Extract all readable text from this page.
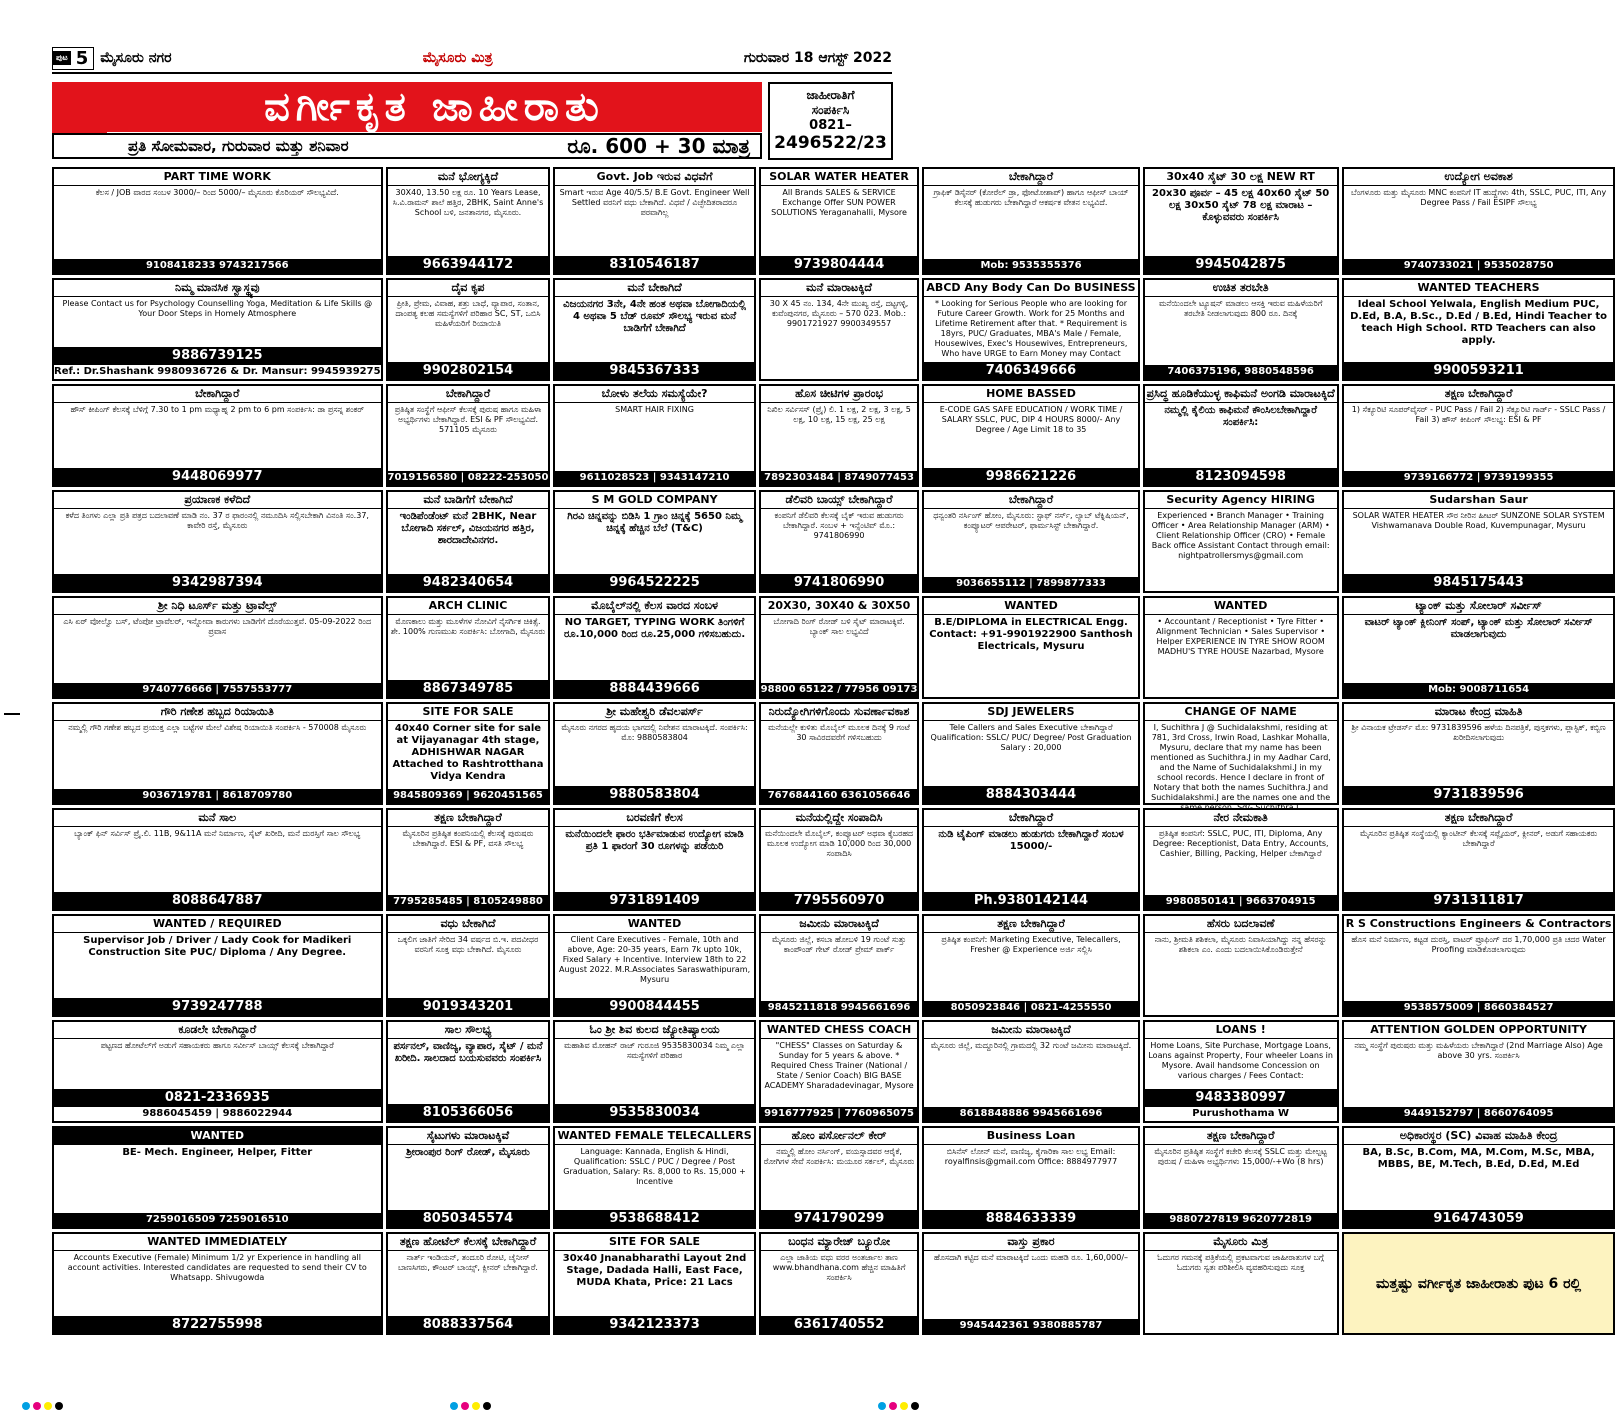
ಪುಟ 5 ಮೈಸೂರು ನಗರ	ಮೈಸೂರು ಮಿತ್ರ	ಗುರುವಾರ 18 ಆಗಸ್ಟ್ 2022
ವರ್ಗೀಕೃತ ಜಾಹೀರಾತು
ಪ್ರತಿ ಸೋಮವಾರ, ಗುರುವಾರ ಮತ್ತು ಶನಿವಾರ	ರೂ. 600 + 30 ಮಾತ್ರ
ಜಾಹೀರಾತಿಗೆ
ಸಂಪರ್ಕಿಸಿ
0821–
2496522/23
PART TIME WORK
ಕೆಲಸ / JOB ವಾರದ ಸಂಬಳ 3000/– ರಿಂದ 5000/– ಮೈಸೂರು ಕೊರಿಯರ್ ಸೌಲಭ್ಯವಿದೆ.
9108418233 9743217566
ನಿಮ್ಮ ಮಾನಸಿಕ ಸ್ವಾಸ್ಥ್ಯವು
Please Contact us for Psychology Counselling Yoga, Meditation & Life Skills @ Your Door Steps in Homely Atmosphere
9886739125
Ref.: Dr.Shashank 9980936726 & Dr. Mansur: 9945939275
ಬೇಕಾಗಿದ್ದಾರೆ
ಹೌಸ್ ಕೀಪಿಂಗ್ ಕೆಲಸಕ್ಕೆ ಬೆಳಿಗ್ಗೆ 7.30 to 1 pm ಮಧ್ಯಾಹ್ನ 2 pm to 6 pm ಸಂಪರ್ಕಿಸಿ: ಡಾ ಪ್ರಸನ್ನ ಶಂಕರ್
9448069977
ಪ್ರಯಾಣಕ ಕಳೆದಿದೆ
ಕಳೆದ ತಿಂಗಳು ಎಲ್ಲಾ ಪ್ರತಿ ಪತ್ರದ ಬದಲಾವಣೆ ಮಾಡಿ ನಂ. 37 ರ ಫಾರಂನಲ್ಲಿ ನಮೂದಿಸಿ ಸಲ್ಲಿಸಬೇಕಾಗಿ ವಿನಂತಿ ಸಂ.37, ಕಾವೇರಿ ರಸ್ತೆ, ಮೈಸೂರು
9342987394
ಶ್ರೀ ನಿಧಿ ಟೂರ್ಸ್ ಮತ್ತು ಟ್ರಾವೆಲ್ಸ್
ಎಸಿ ಏರ್ ವೋಲ್ವೊ ಬಸ್, ಟೆಂಪೋ ಟ್ರಾವೆಲರ್, ಇನ್ನೋವಾ ಕಾರುಗಳು ಬಾಡಿಗೆಗೆ ದೊರೆಯುತ್ತವೆ. 05-09-2022 ರಿಂದ ಪ್ರವಾಸ
9740776666 | 7557553777
ಗೌರಿ ಗಣೇಶ ಹಬ್ಬದ ರಿಯಾಯಿತಿ
ನಮ್ಮಲ್ಲಿ ಗೌರಿ ಗಣೇಶ ಹಬ್ಬದ ಪ್ರಯುಕ್ತ ಎಲ್ಲಾ ಬಟ್ಟೆಗಳ ಮೇಲೆ ವಿಶೇಷ ರಿಯಾಯಿತಿ ಸಂಪರ್ಕಿಸಿ - 570008 ಮೈಸೂರು
9036719781 | 8618709780
ಮನೆ ಸಾಲ
ಬ್ಯಾಂಕ್ ಫಿನ್ ಸರ್ವಿಸ್ ಪ್ರೈ.ಲಿ. 11B, 9&11A ಮನೆ ನಿರ್ಮಾಣ, ಸೈಟ್ ಖರೀದಿ, ಮನೆ ದುರಸ್ತಿಗೆ ಸಾಲ ಸೌಲಭ್ಯ
8088647887
WANTED / REQUIRED
Supervisor Job / Driver / Lady Cook for Madikeri Construction Site PUC/ Diploma / Any Degree.
9739247788
ಕೂಡಲೇ ಬೇಕಾಗಿದ್ದಾರೆ
ಪಟ್ಟಣದ ಹೋಟೆಲ್‌ಗೆ ಅಡುಗೆ ಸಹಾಯಕರು ಹಾಗೂ ಸರ್ವೀಸ್ ಬಾಯ್ಸ್ ಕೆಲಸಕ್ಕೆ ಬೇಕಾಗಿದ್ದಾರೆ
0821-2336935
9886045459 | 9886022944
WANTED
BE- Mech. Engineer, Helper, Fitter
7259016509 7259016510
WANTED IMMEDIATELY
Accounts Executive (Female) Minimum 1/2 yr Experience in handling all account activities. Interested candidates are requested to send their CV to Whatsapp. Shivugowda
8722755998
ಮನೆ ಭೋಗ್ಯಕ್ಕಿದೆ
30X40, 13.50 ಲಕ್ಷ ರೂ. 10 Years Lease, ಸಿ.ವಿ.ರಾಮನ್ ಶಾಲೆ ಹತ್ತಿರ, 2BHK, Saint Anne's School ಬಳಿ, ಜನತಾನಗರ, ಮೈಸೂರು.
9663944172
ದೈವ ಕೃಪ
ಪ್ರೀತಿ, ಪ್ರೇಮ, ವಿವಾಹ, ಶತ್ರು ಬಾಧೆ, ವ್ಯಾಪಾರ, ಸಂತಾನ, ದಾಂಪತ್ಯ ಕಲಹ ಸಮಸ್ಯೆಗಳಿಗೆ ಪರಿಹಾರ SC, ST, ಒಬಿಸಿ ಮಹಿಳೆಯರಿಗೆ ರಿಯಾಯಿತಿ
9902802154
ಬೇಕಾಗಿದ್ದಾರೆ
ಪ್ರತಿಷ್ಠಿತ ಸಂಸ್ಥೆಗೆ ಆಫೀಸ್ ಕೆಲಸಕ್ಕೆ ಪುರುಷ ಹಾಗೂ ಮಹಿಳಾ ಅಭ್ಯರ್ಥಿಗಳು ಬೇಕಾಗಿದ್ದಾರೆ. ESI & PF ಸೌಲಭ್ಯವಿದೆ. 571105 ಮೈಸೂರು
7019156580 | 08222-253050
ಮನೆ ಬಾಡಿಗೆಗೆ ಬೇಕಾಗಿದೆ
ಇಂಡಿಪೆಂಡೆಂಟ್ ಮನೆ 2BHK, Near ಬೋಗಾದಿ ಸರ್ಕಲ್, ವಿಜಯನಗರ ಹತ್ತಿರ, ಶಾರದಾದೇವಿನಗರ.
9482340654
ARCH CLINIC
ಮೊಣಕಾಲು ಮತ್ತು ಮೂಳೆಗಳ ನೋವಿಗೆ ನೈಸರ್ಗಿಕ ಚಿಕಿತ್ಸೆ. ಶೇ. 100% ಗುಣಮುಖ ಸಂಪರ್ಕಿಸಿ: ಬೋಗಾದಿ, ಮೈಸೂರು
8867349785
SITE FOR SALE
40x40 Corner site for sale at Vijayanagar 4th stage, ADHISHWAR NAGAR Attached to Rashtrotthana Vidya Kendra
9845809369 | 9620451565
ತಕ್ಷಣ ಬೇಕಾಗಿದ್ದಾರೆ
ಮೈಸೂರಿನ ಪ್ರತಿಷ್ಠಿತ ಕಂಪನಿಯಲ್ಲಿ ಕೆಲಸಕ್ಕೆ ಪುರುಷರು ಬೇಕಾಗಿದ್ದಾರೆ. ESI & PF, ವಸತಿ ಸೌಲಭ್ಯ
7795285485 | 8105249880
ವಧು ಬೇಕಾಗಿದೆ
ಒಕ್ಕಲಿಗ ಜಾತಿಗೆ ಸೇರಿದ 34 ವರ್ಷದ ಬಿ.ಇ. ಪದವೀಧರ ವರನಿಗೆ ಸೂಕ್ತ ವಧು ಬೇಕಾಗಿದೆ. ಮೈಸೂರು
9019343201
ಸಾಲ ಸೌಲಭ್ಯ
ಪರ್ಸನಲ್, ವಾಣಿಜ್ಯ, ವ್ಯಾಪಾರ, ಸೈಟ್ / ಮನೆ ಖರೀದಿ. ಸಾಲದಾದ ಬಯಸುವವರು ಸಂಪರ್ಕಿಸಿ
8105366056
ಸೈಟುಗಳು ಮಾರಾಟಕ್ಕಿವೆ
ಶ್ರೀರಾಂಪುರ ರಿಂಗ್ ರೋಡ್, ಮೈಸೂರು
8050345574
ತಕ್ಷಣ ಹೋಟೆಲ್ ಕೆಲಸಕ್ಕೆ ಬೇಕಾಗಿದ್ದಾರೆ
ನಾರ್ತ್ ಇಂಡಿಯನ್, ತಂದೂರಿ ರೋಟಿ, ಚೈನೀಸ್ ಬಾಣಸಿಗರು, ಕೌಂಟರ್ ಬಾಯ್ಸ್, ಕ್ಲೀನರ್ ಬೇಕಾಗಿದ್ದಾರೆ.
8088337564
Govt. Job ಇರುವ ವಿಧವೆಗೆ
Smart ಇರುವ Age 40/5.5/ B.E Govt. Engineer Well Settled ವರನಿಗೆ ವಧು ಬೇಕಾಗಿದೆ. ವಿಧವೆ / ವಿಚ್ಛೇದಿತರಾದರೂ ಪರವಾಗಿಲ್ಲ
8310546187
ಮನೆ ಬೇಕಾಗಿದೆ
ವಿಜಯನಗರ 3ನೇ, 4ನೇ ಹಂತ ಅಥವಾ ಬೋಗಾದಿಯಲ್ಲಿ 4 ಅಥವಾ 5 ಬೆಡ್ ರೂಮ್ ಸೌಲಭ್ಯ ಇರುವ ಮನೆ ಬಾಡಿಗೆಗೆ ಬೇಕಾಗಿದೆ
9845367333
ಬೋಳು ತಲೆಯ ಸಮಸ್ಯೆಯೇ?
SMART HAIR FIXING
9611028523 | 9343147210
S M GOLD COMPANY
ಗಿರವಿ ಚಿನ್ನವನ್ನು ಬಿಡಿಸಿ 1 ಗ್ರಾಂ ಚಿನ್ನಕ್ಕೆ 5650 ನಿಮ್ಮ ಚಿನ್ನಕ್ಕೆ ಹೆಚ್ಚಿನ ಬೆಲೆ (T&C)
9964522225
ಮೊಬೈಲ್‌ನಲ್ಲಿ ಕೆಲಸ ವಾರದ ಸಂಬಳ
NO TARGET, TYPING WORK ತಿಂಗಳಿಗೆ ರೂ.10,000 ರಿಂದ ರೂ.25,000 ಗಳಿಸಬಹುದು.
8884439666
ಶ್ರೀ ಮಹೇಶ್ವರಿ ಡೆವಲಪರ್ಸ್
ಮೈಸೂರು ನಗರದ ಹೃದಯ ಭಾಗದಲ್ಲಿ ನಿವೇಶನ ಮಾರಾಟಕ್ಕಿದೆ. ಸಂಪರ್ಕಿಸಿ: ಮೊ: 9880583804
9880583804
ಬರವಣಿಗೆ ಕೆಲಸ
ಮನೆಯಿಂದಲೇ ಫಾರಂ ಭರ್ತಿಮಾಡುವ ಉದ್ಯೋಗ ಮಾಡಿ ಪ್ರತಿ 1 ಫಾರಂಗೆ 30 ರೂಗಳನ್ನು ಪಡೆಯಿರಿ
9731891409
WANTED
Client Care Executives - Female, 10th and above, Age: 20-35 years, Earn 7k upto 10k, Fixed Salary + Incentive. Interview 18th to 22 August 2022. M.R.Associates Saraswathipuram, Mysuru
9900844455
ಓಂ ಶ್ರೀ ಶಿವ ಕುಲದ ಜ್ಯೋತಿಷ್ಯಾಲಯ
ಮಹಾಶಿವ ಮೋಹನ್ ರಾಜ್ ಗುರೂಜಿ 9535830034 ನಿಮ್ಮ ಎಲ್ಲಾ ಸಮಸ್ಯೆಗಳಿಗೆ ಪರಿಹಾರ
9535830034
WANTED FEMALE TELECALLERS
Language: Kannada, English & Hindi, Qualification: SSLC / PUC / Degree / Post Graduation, Salary: Rs. 8,000 to Rs. 15,000 + Incentive
9538688412
SITE FOR SALE
30x40 Jnanabharathi Layout 2nd Stage, Dadada Halli, East Face, MUDA Khata, Price: 21 Lacs
9342123373
SOLAR WATER HEATER
All Brands SALES & SERVICE Exchange Offer SUN POWER SOLUTIONS Yeraganahalli, Mysore
9739804444
ಮನೆ ಮಾರಾಟಕ್ಕಿದೆ
30 X 45 ನಂ. 134, 4ನೇ ಮುಖ್ಯ ರಸ್ತೆ, ದಟ್ಟಗಳ್ಳಿ, ಕುವೆಂಪುನಗರ, ಮೈಸೂರು – 570 023. Mob.: 9901721927 9900349557
ಹೊಸ ಚೀಟಿಗಳ ಪ್ರಾರಂಭ
ನಿಖಿಲ ಸರ್ವಿಸಸ್ (ಪ್ರೈ) ಲಿ. 1 ಲಕ್ಷ, 2 ಲಕ್ಷ, 3 ಲಕ್ಷ, 5 ಲಕ್ಷ, 10 ಲಕ್ಷ, 15 ಲಕ್ಷ, 25 ಲಕ್ಷ
7892303484 | 8749077453
ಡೆಲಿವರಿ ಬಾಯ್ಸ್ ಬೇಕಾಗಿದ್ದಾರೆ
ಕಂಪನಿಗೆ ಡೆಲಿವರಿ ಕೆಲಸಕ್ಕೆ ಬೈಕ್ ಇರುವ ಹುಡುಗರು ಬೇಕಾಗಿದ್ದಾರೆ. ಸಂಬಳ + ಇನ್ಸೆಂಟಿವ್ ಮೊ.: 9741806990
9741806990
20X30, 30X40 & 30X50
ಬೋಗಾದಿ ರಿಂಗ್ ರೋಡ್ ಬಳಿ ಸೈಟ್ ಮಾರಾಟಕ್ಕಿವೆ. ಬ್ಯಾಂಕ್ ಸಾಲ ಲಭ್ಯವಿದೆ
98800 65122 / 77956 09173
ನಿರುದ್ಯೋಗಿಗಳಿಗೊಂದು ಸುವರ್ಣಾವಕಾಶ
ಮನೆಯಲ್ಲೇ ಕುಳಿತು ಮೊಬೈಲ್ ಮೂಲಕ ದಿನಕ್ಕೆ 9 ಗಂಟೆ 30 ಸಾವಿರದವರೆಗೆ ಗಳಿಸಬಹುದು
7676844160 6361056646
ಮನೆಯಲ್ಲಿದ್ದೇ ಸಂಪಾದಿಸಿ
ಮನೆಯಿಂದಲೇ ಮೊಬೈಲ್, ಕಂಪ್ಯೂಟರ್ ಅಥವಾ ಕೈಬರಹದ ಮೂಲಕ ಉದ್ಯೋಗ ಮಾಡಿ 10,000 ರಿಂದ 30,000 ಸಂಪಾದಿಸಿ
7795560970
ಜಮೀನು ಮಾರಾಟಕ್ಕಿದೆ
ಮೈಸೂರು ಜಿಲ್ಲೆ, ಕಸಬಾ ಹೋಬಳಿ 19 ಗುಂಟೆ ಸುತ್ತು ಕಾಂಪೌಂಡ್ ಗೇಟ್ ರೋಡ್ ಪ್ರೇಮ್ ಪಾರ್ಕ್
9845211818 9945661696
WANTED CHESS COACH
"CHESS" Classes on Saturday & Sunday for 5 years & above. * Required Chess Trainer (National / State / Senior Coach) BIG BASE ACADEMY Sharadadevinagar, Mysore
9916777925 | 7760965075
ಹೋಂ ಪರ್ಸೋನಲ್ ಕೇರ್
ನಮ್ಮಲ್ಲಿ ಹೋಂ ನರ್ಸಿಂಗ್, ವಯಸ್ಸಾದವರ ಆರೈಕೆ, ರೋಗಿಗಳ ಸೇವೆ ಸಂಪರ್ಕಿಸಿ: ಮಯೂರ ಸರ್ಕಲ್, ಮೈಸೂರು
9741790299
ಬಂಧನ ಮ್ಯಾರೇಜ್ ಬ್ಯೂರೋ
ಎಲ್ಲಾ ಜಾತಿಯ ವಧು ವರರ ಅಂತರ್ಜಾಲ ತಾಣ www.bhandhana.com ಹೆಚ್ಚಿನ ಮಾಹಿತಿಗೆ ಸಂಪರ್ಕಿಸಿ
6361740552
ಬೇಕಾಗಿದ್ದಾರೆ
ಗ್ರಾಫಿಕ್ ಡಿಸೈನರ್ (ಕೋರೆಲ್ ಡ್ರಾ, ಫೋಟೋಶಾಪ್) ಹಾಗೂ ಆಫೀಸ್ ಬಾಯ್ ಕೆಲಸಕ್ಕೆ ಹುಡುಗರು ಬೇಕಾಗಿದ್ದಾರೆ ಆಕರ್ಷಕ ವೇತನ ಲಭ್ಯವಿದೆ.
Mob: 9535355376
ABCD Any Body Can Do BUSINESS
* Looking for Serious People who are looking for Future Career Growth. Work for 25 Months and Lifetime Retirement after that. * Requirement is 18yrs, PUC/ Graduates, MBA's Male / Female, Housewives, Exec's Housewives, Entrepreneurs, Who have URGE to Earn Money may Contact
7406349666
HOME BASSED
E-CODE GAS SAFE EDUCATION / WORK TIME / SALARY SSLC, PUC, DIP 4 HOURS 8000/- Any Degree / Age Limit 18 to 35
9986621226
ಬೇಕಾಗಿದ್ದಾರೆ
ಧನ್ವಂತರಿ ನರ್ಸಿಂಗ್ ಹೋಂ, ಮೈಸೂರು: ಸ್ಟಾಫ್ ನರ್ಸ್, ಲ್ಯಾಬ್ ಟೆಕ್ನಿಷಿಯನ್, ಕಂಪ್ಯೂಟರ್ ಆಪರೇಟರ್, ಫಾರ್ಮಸಿಸ್ಟ್ ಬೇಕಾಗಿದ್ದಾರೆ.
9036655112 | 7899877333
WANTED
B.E/DIPLOMA in ELECTRICAL Engg. Contact: +91-9901922900 Santhosh Electricals, Mysuru
SDJ JEWELERS
Tele Callers and Sales Executive ಬೇಕಾಗಿದ್ದಾರೆ Qualification: SSLC/ PUC/ Degree/ Post Graduation Salary : 20,000
8884303444
ಬೇಕಾಗಿದ್ದಾರೆ
ನುಡಿ ಟೈಪಿಂಗ್ ಮಾಡಲು ಹುಡುಗರು ಬೇಕಾಗಿದ್ದಾರೆ ಸಂಬಳ 15000/-
Ph.9380142144
ತಕ್ಷಣ ಬೇಕಾಗಿದ್ದಾರೆ
ಪ್ರತಿಷ್ಠಿತ ಕಂಪನಿಗೆ: Marketing Executive, Telecallers, Fresher @ Experience ಅರ್ಜಿ ಸಲ್ಲಿಸಿ
8050923846 | 0821-4255550
ಜಮೀನು ಮಾರಾಟಕ್ಕಿದೆ
ಮೈಸೂರು ಜಿಲ್ಲೆ, ಮದ್ದೂರಿನಲ್ಲಿ ಗ್ರಾಮದಲ್ಲಿ 32 ಗುಂಟೆ ಜಮೀನು ಮಾರಾಟಕ್ಕಿದೆ.
8618848886 9945661696
Business Loan
ಬಿಸಿನೆಸ್ ಲೋನ್ ಮನೆ, ವಾಣಿಜ್ಯ, ಕೈಗಾರಿಕಾ ಸಾಲ ಲಭ್ಯ Email: royalfinsis@gmail.com Office: 8884977977
8884633339
ವಾಸ್ತು ಪ್ರಕಾರ
ಹೊಸದಾಗಿ ಕಟ್ಟಿದ ಮನೆ ಮಾರಾಟಕ್ಕಿದೆ ಒಂದು ಮಹಡಿ ರೂ. 1,60,000/–
9945442361 9380885787
30x40 ಸೈಟ್ 30 ಲಕ್ಷ NEW RT
20x30 ಪೂರ್ವ – 45 ಲಕ್ಷ 40x60 ಸೈಟ್ 50 ಲಕ್ಷ 30x50 ಸೈಟ್ 78 ಲಕ್ಷ ಮಾರಾಟ – ಕೊಳ್ಳುವವರು ಸಂಪರ್ಕಿಸಿ
9945042875
ಉಚಿತ ತರಬೇತಿ
ಮನೆಯಿಂದಲೇ ಟ್ಯೂಷನ್ ಮಾಡಲು ಆಸಕ್ತಿ ಇರುವ ಮಹಿಳೆಯರಿಗೆ ತರಬೇತಿ ನೀಡಲಾಗುವುದು 800 ರೂ. ದಿನಕ್ಕೆ
7406375196, 9880548596
ಪ್ರಸಿದ್ಧ ಹೂಡಿಕೆಯುಳ್ಳ ಕಾಫಿಮನೆ ಅಂಗಡಿ ಮಾರಾಟಕ್ಕಿದೆ
ನಮ್ಮಲ್ಲಿ ಕೈಲಿಯ ಕಾಫಿಮನೆ ಕೌಂಸಿಲಬೇಕಾಗಿದ್ದಾರೆ ಸಂಪರ್ಕಿಸಿ:
8123094598
Security Agency HIRING
Experienced • Branch Manager • Training Officer • Area Relationship Manager (ARM) • Client Relationship Officer (CRO) • Female Back office Assistant Contact through email: nightpatrollersmys@gmail.com
WANTED
• Accountant / Receptionist • Tyre Fitter • Alignment Technician • Sales Supervisor • Helper EXPERIENCE IN TYRE SHOW ROOM MADHU'S TYRE HOUSE Nazarbad, Mysore
CHANGE OF NAME
I, Suchithra J @ Suchidalakshmi, residing at 781, 3rd Cross, Irwin Road, Lashkar Mohalla, Mysuru, declare that my name has been mentioned as Suchithra.J in my Aadhar Card, and the Name of Suchidalakshmi.J in my school records. Hence I declare in front of Notary that both the names Suchithra.J and Suchidalakshmi.J are the names one and the
ನೇರ ನೇಮಕಾತಿ
ಪ್ರತಿಷ್ಠಿತ ಕಂಪನಿಗೆ: SSLC, PUC, ITI, Diploma, Any Degree: Receptionist, Data Entry, Accounts, Cashier, Billing, Packing, Helper ಬೇಕಾಗಿದ್ದಾರೆ
9980850141 | 9663704915
ಹೆಸರು ಬದಲಾವಣೆ
ನಾನು, ಶ್ರೀಮತಿ ಶಶಿಕಲಾ, ಮೈಸೂರು ನಿವಾಸಿಯಾಗಿದ್ದು ನನ್ನ ಹೆಸರನ್ನು ಶಶಿಕಲಾ ಎಂ. ಎಂದು ಬದಲಾಯಿಸಿಕೊಂಡಿರುತ್ತೇನೆ
LOANS !
Home Loans, Site Purchase, Mortgage Loans, Loans against Property, Four wheeler Loans in Mysore. Avail handsome Concession on various charges / Fees Contact:
9483380997
Purushothama W
ತಕ್ಷಣ ಬೇಕಾಗಿದ್ದಾರೆ
ಮೈಸೂರಿನ ಪ್ರತಿಷ್ಠಿತ ಸಂಸ್ಥೆಗೆ ಕಚೇರಿ ಕೆಲಸಕ್ಕೆ SSLC ಮತ್ತು ಮೇಲ್ಪಟ್ಟ ಪುರುಷ / ಮಹಿಳಾ ಅಭ್ಯರ್ಥಿಗಳು 15,000/-+Wo (8 hrs)
9880727819 9620772819
ಮೈಸೂರು ಮಿತ್ರ
ಓದುಗರ ಗಮನಕ್ಕೆ ಪತ್ರಿಕೆಯಲ್ಲಿ ಪ್ರಕಟವಾಗುವ ಜಾಹೀರಾತುಗಳ ಬಗ್ಗೆ ಓದುಗರು ಸ್ವತಃ ಪರಿಶೀಲಿಸಿ ವ್ಯವಹರಿಸುವುದು ಸೂಕ್ತ
ಉದ್ಯೋಗ ಅವಕಾಶ
ಬೆಂಗಳೂರು ಮತ್ತು ಮೈಸೂರು MNC ಕಂಪನಿಗೆ IT ಹುದ್ದೆಗಳು 4th, SSLC, PUC, ITI, Any Degree Pass / Fail ESIPF ಸೌಲಭ್ಯ
9740733021 | 9535028750
WANTED TEACHERS
Ideal School Yelwala, English Medium PUC, D.Ed, B.A, B.Sc., D.Ed / B.Ed, Hindi Teacher to teach High School. RTD Teachers can also apply.
9900593211
ತಕ್ಷಣ ಬೇಕಾಗಿದ್ದಾರೆ
1) ಸೆಕ್ಯೂರಿಟಿ ಸೂಪರ್‌ವೈಸರ್ - PUC Pass / Fail 2) ಸೆಕ್ಯೂರಿಟಿ ಗಾರ್ಡ್ - SSLC Pass / Fail 3) ಹೌಸ್ ಕೀಪಿಂಗ್ ಸೌಲಭ್ಯ: ESI & PF
9739166772 | 9739199355
Sudarshan Saur
SOLAR WATER HEATER ಸೌರ ನೀರಿನ ಹೀಟರ್ SUNZONE SOLAR SYSTEM Vishwamanava Double Road, Kuvempunagar, Mysuru
9845175443
ಟ್ಯಾಂಕ್ ಮತ್ತು ಸೋಲಾರ್ ಸರ್ವೀಸ್
ವಾಟರ್ ಟ್ಯಾಂಕ್ ಕ್ಲೀನಿಂಗ್ ಸಂಪ್, ಟ್ಯಾಂಕ್ ಮತ್ತು ಸೋಲಾರ್ ಸರ್ವೀಸ್ ಮಾಡಲಾಗುವುದು
Mob: 9008711654
ಮಾರಾಟ ಕೇಂದ್ರ ಮಾಹಿತಿ
ಶ್ರೀ ವಿನಾಯಕ ಟ್ರೇಡರ್ಸ್ ಮೊ: 9731839596 ಹಳೆಯ ದಿನಪತ್ರಿಕೆ, ಪುಸ್ತಕಗಳು, ಪ್ಲಾಸ್ಟಿಕ್, ಕಬ್ಬಿಣ ಖರೀದಿಸಲಾಗುವುದು
9731839596
ತಕ್ಷಣ ಬೇಕಾಗಿದ್ದಾರೆ
ಮೈಸೂರಿನ ಪ್ರತಿಷ್ಠಿತ ಸಂಸ್ಥೆಯಲ್ಲಿ ಕ್ಯಾಂಟೀನ್ ಕೆಲಸಕ್ಕೆ ಸಪ್ಲೈಯರ್, ಕ್ಲೀನರ್, ಅಡುಗೆ ಸಹಾಯಕರು ಬೇಕಾಗಿದ್ದಾರೆ
9731311817
R S Constructions Engineers & Contractors
ಹೊಸ ಮನೆ ನಿರ್ಮಾಣ, ಕಟ್ಟಡ ದುರಸ್ತಿ, ವಾಟರ್ ಪ್ರೂಫಿಂಗ್ ದರ 1,70,000 ಪ್ರತಿ ಚದರ Water Proofing ಮಾಡಿಕೊಡಲಾಗುವುದು
9538575009 | 8660384527
ATTENTION GOLDEN OPPORTUNITY
ನಮ್ಮ ಸಂಸ್ಥೆಗೆ ಪುರುಷರು ಮತ್ತು ಮಹಿಳೆಯರು ಬೇಕಾಗಿದ್ದಾರೆ (2nd Marriage Also) Age above 30 yrs. ಸಂಪರ್ಕಿಸಿ
9449152797 | 8660764095
ಅಧಿಕಾರಸ್ಥರ (SC) ವಿವಾಹ ಮಾಹಿತಿ ಕೇಂದ್ರ
BA, B.Sc, B.Com, MA, M.Com, M.Sc, MBA, MBBS, BE, M.Tech, B.Ed, D.Ed, M.Ed
9164743059
ಮತ್ತಷ್ಟು ವರ್ಗೀಕೃತ ಜಾಹೀರಾತು ಪುಟ 6 ರಲ್ಲಿ
